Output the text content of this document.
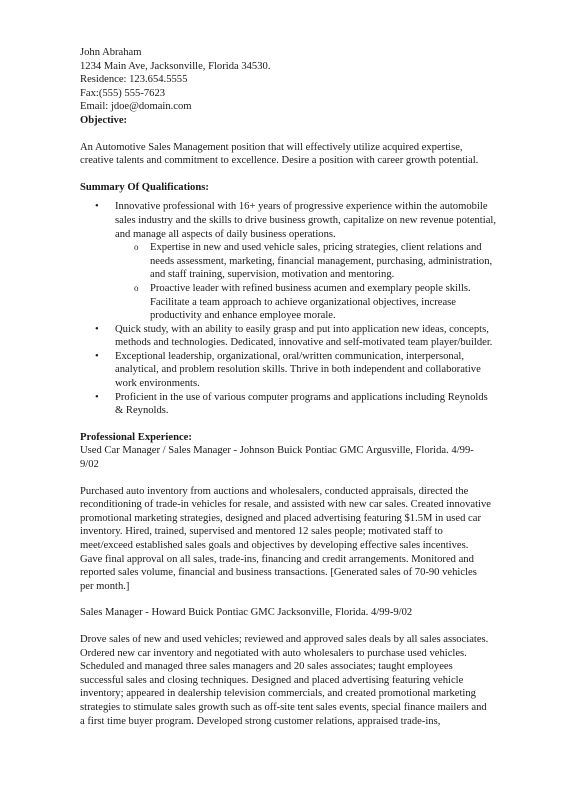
John Abraham
1234 Main Ave, Jacksonville, Florida 34530.
Residence: 123.654.5555
Fax:(555) 555-7623
Email: jdoe@domain.com
Objective:
An Automotive Sales Management position that will effectively utilize acquired expertise,
creative talents and commitment to excellence. Desire a position with career growth potential.
Summary Of Qualifications:
• Innovative professional with 16+ years of progressive experience within the automobile
sales industry and the skills to drive business growth, capitalize on new revenue potential,
and manage all aspects of daily business operations.
o Expertise in new and used vehicle sales, pricing strategies, client relations and
needs assessment, marketing, financial management, purchasing, administration,
and staff training, supervision, motivation and mentoring.
o Proactive leader with refined business acumen and exemplary people skills.
Facilitate a team approach to achieve organizational objectives, increase
productivity and enhance employee morale.
• Quick study, with an ability to easily grasp and put into application new ideas, concepts,
methods and technologies. Dedicated, innovative and self-motivated team player/builder.
• Exceptional leadership, organizational, oral/written communication, interpersonal,
analytical, and problem resolution skills. Thrive in both independent and collaborative
work environments.
• Proficient in the use of various computer programs and applications including Reynolds
& Reynolds.
Professional Experience:
Used Car Manager / Sales Manager - Johnson Buick Pontiac GMC Argusville, Florida. 4/99-
9/02
Purchased auto inventory from auctions and wholesalers, conducted appraisals, directed the
reconditioning of trade-in vehicles for resale, and assisted with new car sales. Created innovative
promotional marketing strategies, designed and placed advertising featuring $1.5M in used car
inventory. Hired, trained, supervised and mentored 12 sales people; motivated staff to
meet/exceed established sales goals and objectives by developing effective sales incentives.
Gave final approval on all sales, trade-ins, financing and credit arrangements. Monitored and
reported sales volume, financial and business transactions. [Generated sales of 70-90 vehicles
per month.]
Sales Manager - Howard Buick Pontiac GMC Jacksonville, Florida. 4/99-9/02
Drove sales of new and used vehicles; reviewed and approved sales deals by all sales associates.
Ordered new car inventory and negotiated with auto wholesalers to purchase used vehicles.
Scheduled and managed three sales managers and 20 sales associates; taught employees
successful sales and closing techniques. Designed and placed advertising featuring vehicle
inventory; appeared in dealership television commercials, and created promotional marketing
strategies to stimulate sales growth such as off-site tent sales events, special finance mailers and
a first time buyer program. Developed strong customer relations, appraised trade-ins,
